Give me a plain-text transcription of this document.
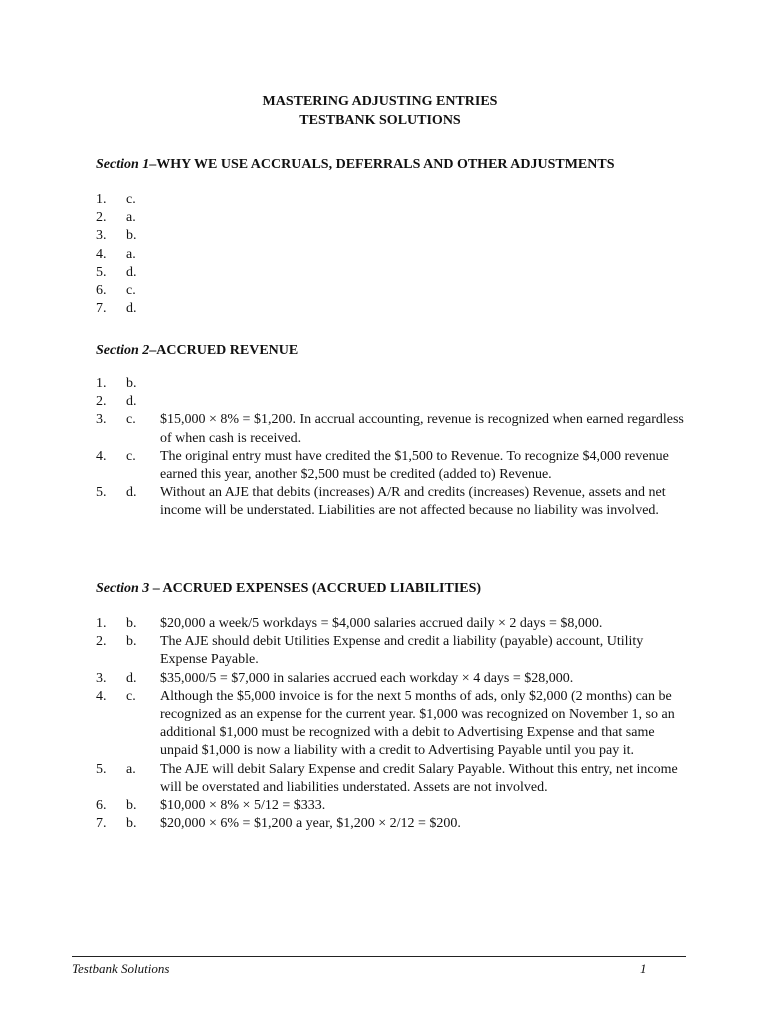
MASTERING ADJUSTING ENTRIES
TESTBANK SOLUTIONS
Section 1–WHY WE USE ACCRUALS, DEFERRALS AND OTHER ADJUSTMENTS
1.	c.
2.	a.
3.	b.
4.	a.
5.	d.
6.	c.
7.	d.
Section 2–ACCRUED REVENUE
1.	b.
2.	d.
3.	c.	$15,000 × 8% = $1,200. In accrual accounting, revenue is recognized when earned regardless of when cash is received.
4.	c.	The original entry must have credited the $1,500 to Revenue. To recognize $4,000 revenue earned this year, another $2,500 must be credited (added to) Revenue.
5.	d.	Without an AJE that debits (increases) A/R and credits (increases) Revenue, assets and net income will be understated. Liabilities are not affected because no liability was involved.
Section 3 – ACCRUED EXPENSES (ACCRUED LIABILITIES)
1.	b.	$20,000 a week/5 workdays = $4,000 salaries accrued daily × 2 days = $8,000.
2.	b.	The AJE should debit Utilities Expense and credit a liability (payable) account, Utility Expense Payable.
3.	d.	$35,000/5 = $7,000 in salaries accrued each workday × 4 days = $28,000.
4.	c.	Although the $5,000 invoice is for the next 5 months of ads, only $2,000 (2 months) can be recognized as an expense for the current year. $1,000 was recognized on November 1, so an additional $1,000 must be recognized with a debit to Advertising Expense and that same unpaid $1,000 is now a liability with a credit to Advertising Payable until you pay it.
5.	a.	The AJE will debit Salary Expense and credit Salary Payable. Without this entry, net income will be overstated and liabilities understated. Assets are not involved.
6.	b.	$10,000 × 8% × 5/12 = $333.
7.	b.	$20,000 × 6% = $1,200 a year, $1,200 × 2/12 = $200.
Testbank Solutions	1
